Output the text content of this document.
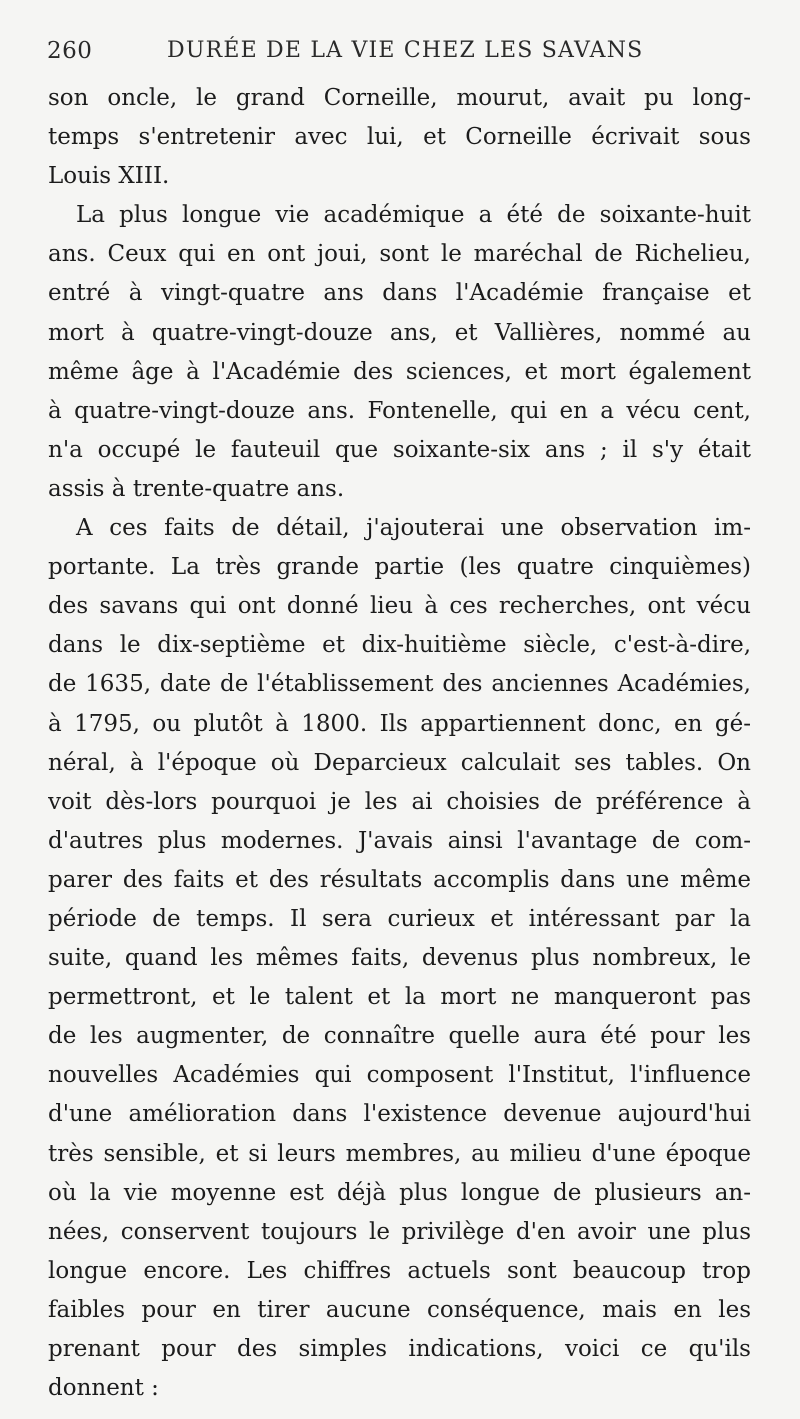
260	DURÉE DE LA VIE CHEZ LES SAVANS
son oncle, le grand Corneille, mourut, avait pu long-
temps s'entretenir avec lui, et Corneille écrivait sous
Louis XIII.
La plus longue vie académique a été de soixante-huit
ans. Ceux qui en ont joui, sont le maréchal de Richelieu,
entré à vingt-quatre ans dans l'Académie française et
mort à quatre-vingt-douze ans, et Vallières, nommé au
même âge à l'Académie des sciences, et mort également
à quatre-vingt-douze ans. Fontenelle, qui en a vécu cent,
n'a occupé le fauteuil que soixante-six ans ; il s'y était
assis à trente-quatre ans.
A ces faits de détail, j'ajouterai une observation im-
portante. La très grande partie (les quatre cinquièmes)
des savans qui ont donné lieu à ces recherches, ont vécu
dans le dix-septième et dix-huitième siècle, c'est-à-dire,
de 1635, date de l'établissement des anciennes Académies,
à 1795, ou plutôt à 1800. Ils appartiennent donc, en gé-
néral, à l'époque où Deparcieux calculait ses tables. On
voit dès-lors pourquoi je les ai choisies de préférence à
d'autres plus modernes. J'avais ainsi l'avantage de com-
parer des faits et des résultats accomplis dans une même
période de temps. Il sera curieux et intéressant par la
suite, quand les mêmes faits, devenus plus nombreux, le
permettront, et le talent et la mort ne manqueront pas
de les augmenter, de connaître quelle aura été pour les
nouvelles Académies qui composent l'Institut, l'influence
d'une amélioration dans l'existence devenue aujourd'hui
très sensible, et si leurs membres, au milieu d'une époque
où la vie moyenne est déjà plus longue de plusieurs an-
nées, conservent toujours le privilège d'en avoir une plus
longue encore. Les chiffres actuels sont beaucoup trop
faibles pour en tirer aucune conséquence, mais en les
prenant pour des simples indications, voici ce qu'ils
donnent :
